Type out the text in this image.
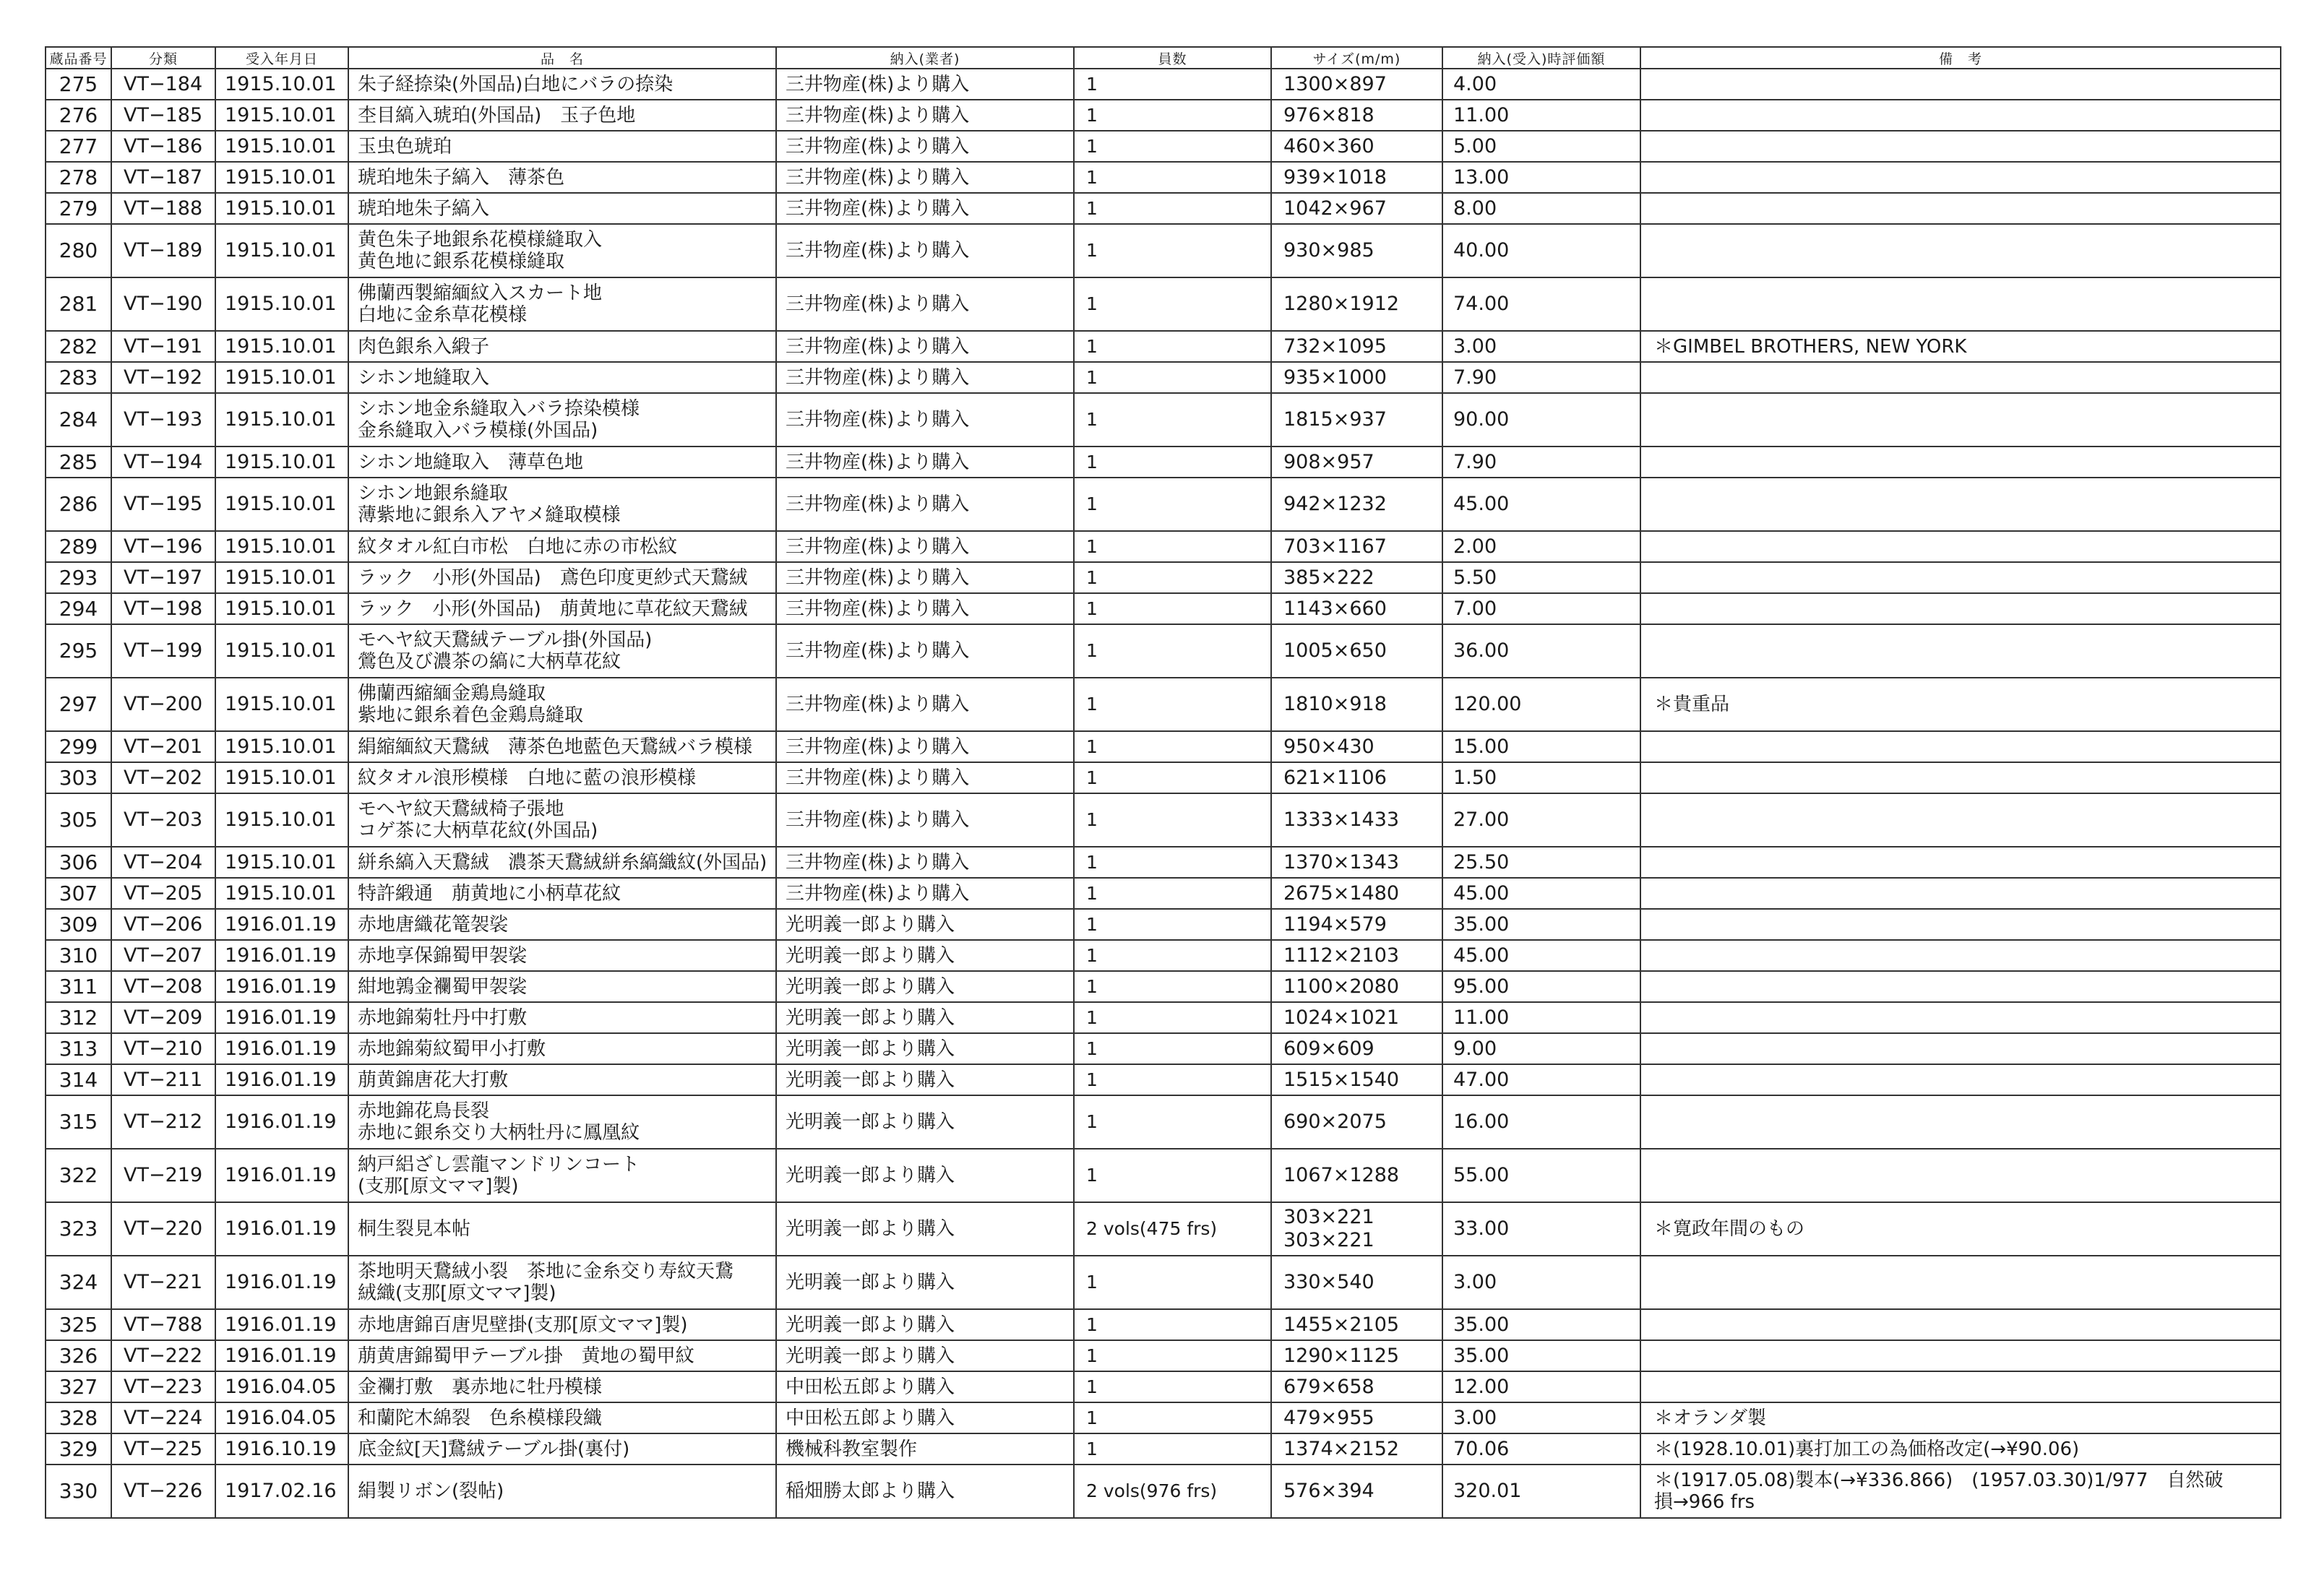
蔵品番号	分類	受入年月日	品　名	納入(業者)	員数	サイズ(m/m)	納入(受入)時評価額	備　考
275	VT−184	1915.10.01	朱子経捺染(外国品)白地にバラの捺染	三井物産(株)より購入	1	1300×897	4.00	
276	VT−185	1915.10.01	杢目縞入琥珀(外国品)　玉子色地	三井物産(株)より購入	1	976×818	11.00	
277	VT−186	1915.10.01	玉虫色琥珀	三井物産(株)より購入	1	460×360	5.00	
278	VT−187	1915.10.01	琥珀地朱子縞入　薄茶色	三井物産(株)より購入	1	939×1018	13.00	
279	VT−188	1915.10.01	琥珀地朱子縞入	三井物産(株)より購入	1	1042×967	8.00	
280	VT−189	1915.10.01	黄色朱子地銀糸花模様縫取入
黄色地に銀系花模様縫取	三井物産(株)より購入	1	930×985	40.00	
281	VT−190	1915.10.01	佛蘭西製縮緬紋入スカート地
白地に金糸草花模様	三井物産(株)より購入	1	1280×1912	74.00	
282	VT−191	1915.10.01	肉色銀糸入緞子	三井物産(株)より購入	1	732×1095	3.00	＊GIMBEL BROTHERS, NEW YORK

283	VT−192	1915.10.01	シホン地縫取入	三井物産(株)より購入	1	935×1000	7.90	
284	VT−193	1915.10.01	シホン地金糸縫取入バラ捺染模様
金糸縫取入バラ模様(外国品)	三井物産(株)より購入	1	1815×937	90.00	
285	VT−194	1915.10.01	シホン地縫取入　薄草色地	三井物産(株)より購入	1	908×957	7.90	
286	VT−195	1915.10.01	シホン地銀糸縫取
薄紫地に銀糸入アヤメ縫取模様	三井物産(株)より購入	1	942×1232	45.00	
289	VT−196	1915.10.01	紋タオル紅白市松　白地に赤の市松紋	三井物産(株)より購入	1	703×1167	2.00	
293	VT−197	1915.10.01	ラック　小形(外国品)　鳶色印度更紗式天鵞絨	三井物産(株)より購入	1	385×222	5.50	
294	VT−198	1915.10.01	ラック　小形(外国品)　萠黄地に草花紋天鵞絨	三井物産(株)より購入	1	1143×660	7.00	
295	VT−199	1915.10.01	モヘヤ紋天鵞絨テーブル掛(外国品)
鶯色及び濃茶の縞に大柄草花紋	三井物産(株)より購入	1	1005×650	36.00	
297	VT−200	1915.10.01	佛蘭西縮緬金鶏鳥縫取
紫地に銀糸着色金鶏鳥縫取	三井物産(株)より購入	1	1810×918	120.00	＊貴重品

299	VT−201	1915.10.01	絹縮緬紋天鵞絨　薄茶色地藍色天鵞絨バラ模様	三井物産(株)より購入	1	950×430	15.00	
303	VT−202	1915.10.01	紋タオル浪形模様　白地に藍の浪形模様	三井物産(株)より購入	1	621×1106	1.50	
305	VT−203	1915.10.01	モヘヤ紋天鵞絨椅子張地
コゲ茶に大柄草花紋(外国品)	三井物産(株)より購入	1	1333×1433	27.00	
306	VT−204	1915.10.01	絣糸縞入天鵞絨　濃茶天鵞絨絣糸縞織紋(外国品)	三井物産(株)より購入	1	1370×1343	25.50	
307	VT−205	1915.10.01	特許緞通　萠黄地に小柄草花紋	三井物産(株)より購入	1	2675×1480	45.00	
309	VT−206	1916.01.19	赤地唐織花篭袈裟	光明義一郎より購入	1	1194×579	35.00	
310	VT−207	1916.01.19	赤地享保錦蜀甲袈裟	光明義一郎より購入	1	1112×2103	45.00	
311	VT−208	1916.01.19	紺地鶉金襴蜀甲袈裟	光明義一郎より購入	1	1100×2080	95.00	
312	VT−209	1916.01.19	赤地錦菊牡丹中打敷	光明義一郎より購入	1	1024×1021	11.00	
313	VT−210	1916.01.19	赤地錦菊紋蜀甲小打敷	光明義一郎より購入	1	609×609	9.00	
314	VT−211	1916.01.19	萠黄錦唐花大打敷	光明義一郎より購入	1	1515×1540	47.00	
315	VT−212	1916.01.19	赤地錦花鳥長裂
赤地に銀糸交り大柄牡丹に鳳凰紋	光明義一郎より購入	1	690×2075	16.00	
322	VT−219	1916.01.19	納戸絽ざし雲龍マンドリンコート
(支那[原文ママ]製)	光明義一郎より購入	1	1067×1288	55.00	
323	VT−220	1916.01.19	桐生裂見本帖	光明義一郎より購入	2 vols(475 frs)	303×221
303×221	33.00	＊寛政年間のもの

324	VT−221	1916.01.19	茶地明天鵞絨小裂　茶地に金糸交り寿紋天鵞
絨織(支那[原文ママ]製)	光明義一郎より購入	1	330×540	3.00	
325	VT−788	1916.01.19	赤地唐錦百唐児壁掛(支那[原文ママ]製)	光明義一郎より購入	1	1455×2105	35.00	
326	VT−222	1916.01.19	萠黄唐錦蜀甲テーブル掛　黄地の蜀甲紋	光明義一郎より購入	1	1290×1125	35.00	
327	VT−223	1916.04.05	金襴打敷　裏赤地に牡丹模様	中田松五郎より購入	1	679×658	12.00	
328	VT−224	1916.04.05	和蘭陀木綿裂　色糸模様段織	中田松五郎より購入	1	479×955	3.00	＊オランダ製

329	VT−225	1916.10.19	底金紋[天]鵞絨テーブル掛(裏付)	機械科教室製作	1	1374×2152	70.06	＊(1928.10.01)裏打加工の為価格改定(→¥90.06)

330	VT−226	1917.02.16	絹製リボン(裂帖)	稲畑勝太郎より購入	2 vols(976 frs)	576×394	320.01	＊(1917.05.08)製本(→¥336.866)　(1957.03.30)1/977　自然破
損→966 frs
